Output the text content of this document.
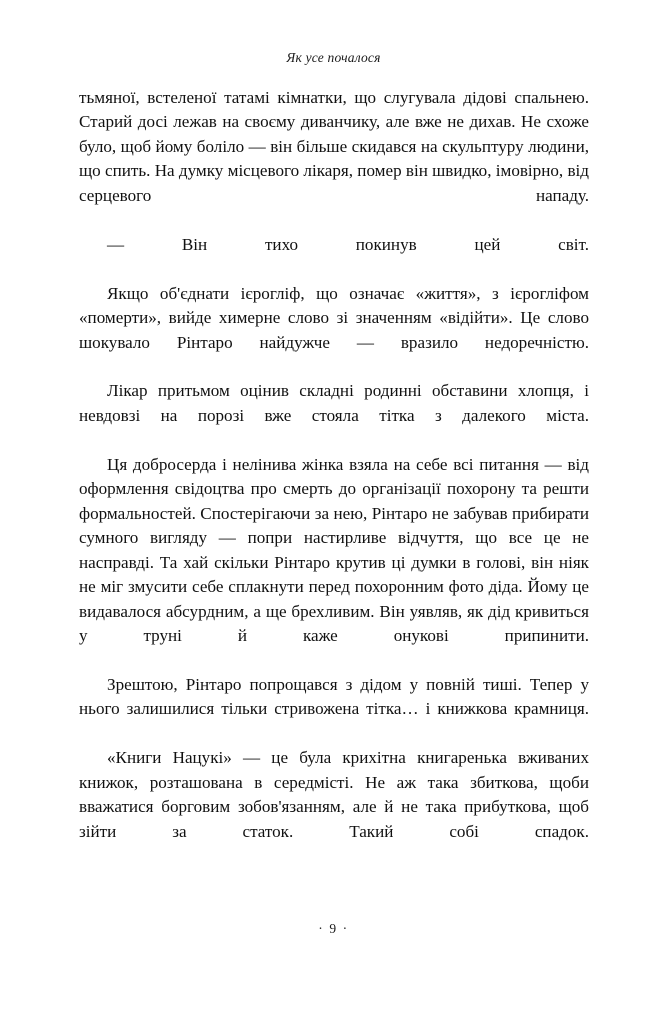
Як усе почалося

тьмяної, встеленої татамі кімнатки, що слугувала дідові спальнею. Старий досі лежав на своєму диванчику, але вже не дихав. Не схоже було, щоб йому боліло — він більше скидався на скульптуру людини, що спить. На думку місцевого лікаря, помер він швидко, імовірно, від серцевого нападу.

— Він тихо покинув цей світ.

Якщо об'єднати ієрогліф, що означає «життя», з ієрогліфом «померти», вийде химерне слово зі значенням «відійти». Це слово шокувало Рінтаро найдужче — вразило недоречністю.

Лікар притьмом оцінив складні родинні обставини хлопця, і невдовзі на порозі вже стояла тітка з далекого міста.

Ця добросерда і нелінива жінка взяла на себе всі питання — від оформлення свідоцтва про смерть до організації похорону та решти формальностей. Спостерігаючи за нею, Рінтаро не забував прибирати сумного вигляду — попри настирливе відчуття, що все це не насправді. Та хай скільки Рінтаро крутив ці думки в голові, він ніяк не міг змусити себе сплакнути перед похоронним фото діда. Йому це видавалося абсурдним, а ще брехливим. Він уявляв, як дід кривиться у труні й каже онукові припинити.

Зрештою, Рінтаро попрощався з дідом у повній тиші. Тепер у нього залишилися тільки стривожена тітка… і книжкова крамниця.

«Книги Нацукі» — це була крихітна книгаренька вживаних книжок, розташована в середмісті. Не аж така збиткова, щоби вважатися борговим зобов'язанням, але й не така прибуткова, щоб зійти за статок. Такий собі спадок.

· 9 ·
